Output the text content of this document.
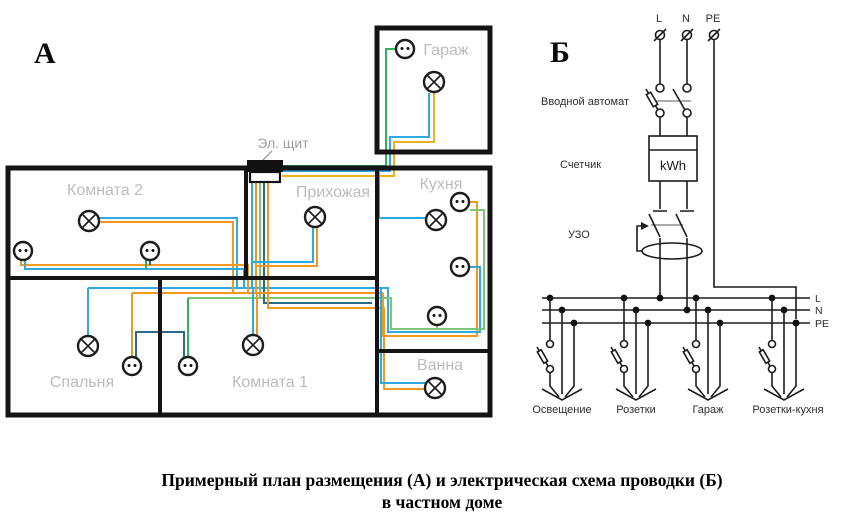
А
Эл. щит
Комната 2	Прихожая	Кухня
Гараж
Спальня	Комната 1
Ванна
Б
L N PE
Вводной автомат
kWh
Счетчик
УЗО
L
N
PE
Освещение Розетки	Гараж	Розетки-кухня
Примерный план размещения (А) и электрическая схема проводки (Б)
в частном доме
